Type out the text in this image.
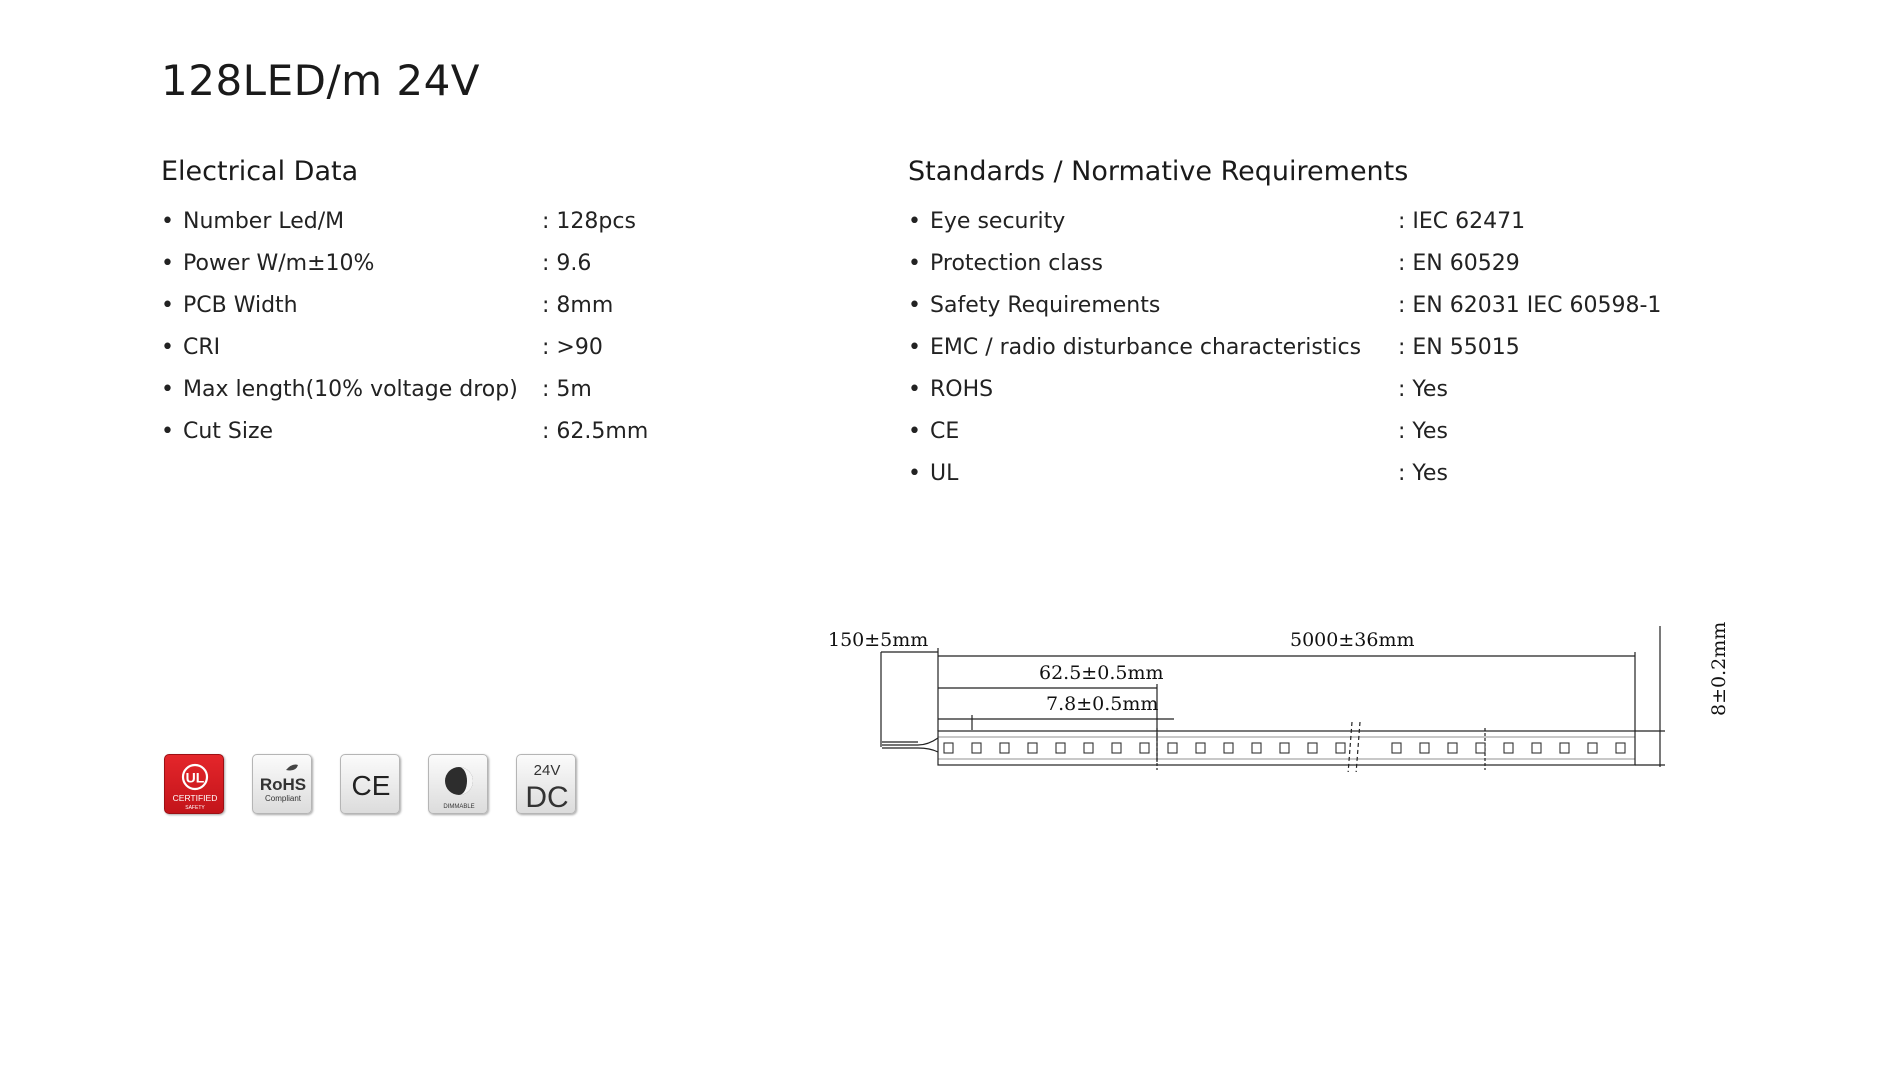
128LED/m 24V
Electrical Data
• Number Led/M	: 128pcs
• Power W/m±10%	: 9.6
• PCB Width	: 8mm
• CRI	: >90
• Max length(10% voltage drop)	: 5m
• Cut Size	: 62.5mm
Standards / Normative Requirements
• Eye security	: IEC 62471
• Protection class	: EN 60529
• Safety Requirements	: EN 62031 IEC 60598-1
• EMC / radio disturbance characteristics	: EN 55015
• ROHS	: Yes
• CE	: Yes
• UL	: Yes
UL
CERTIFIED
SAFETY
RoHS
Compliant CE
DIMMABLE
24V
DC
150±5mm	5000±36mm
62.5±0.5mm
7.8±0.5mm	8±0.2mm
